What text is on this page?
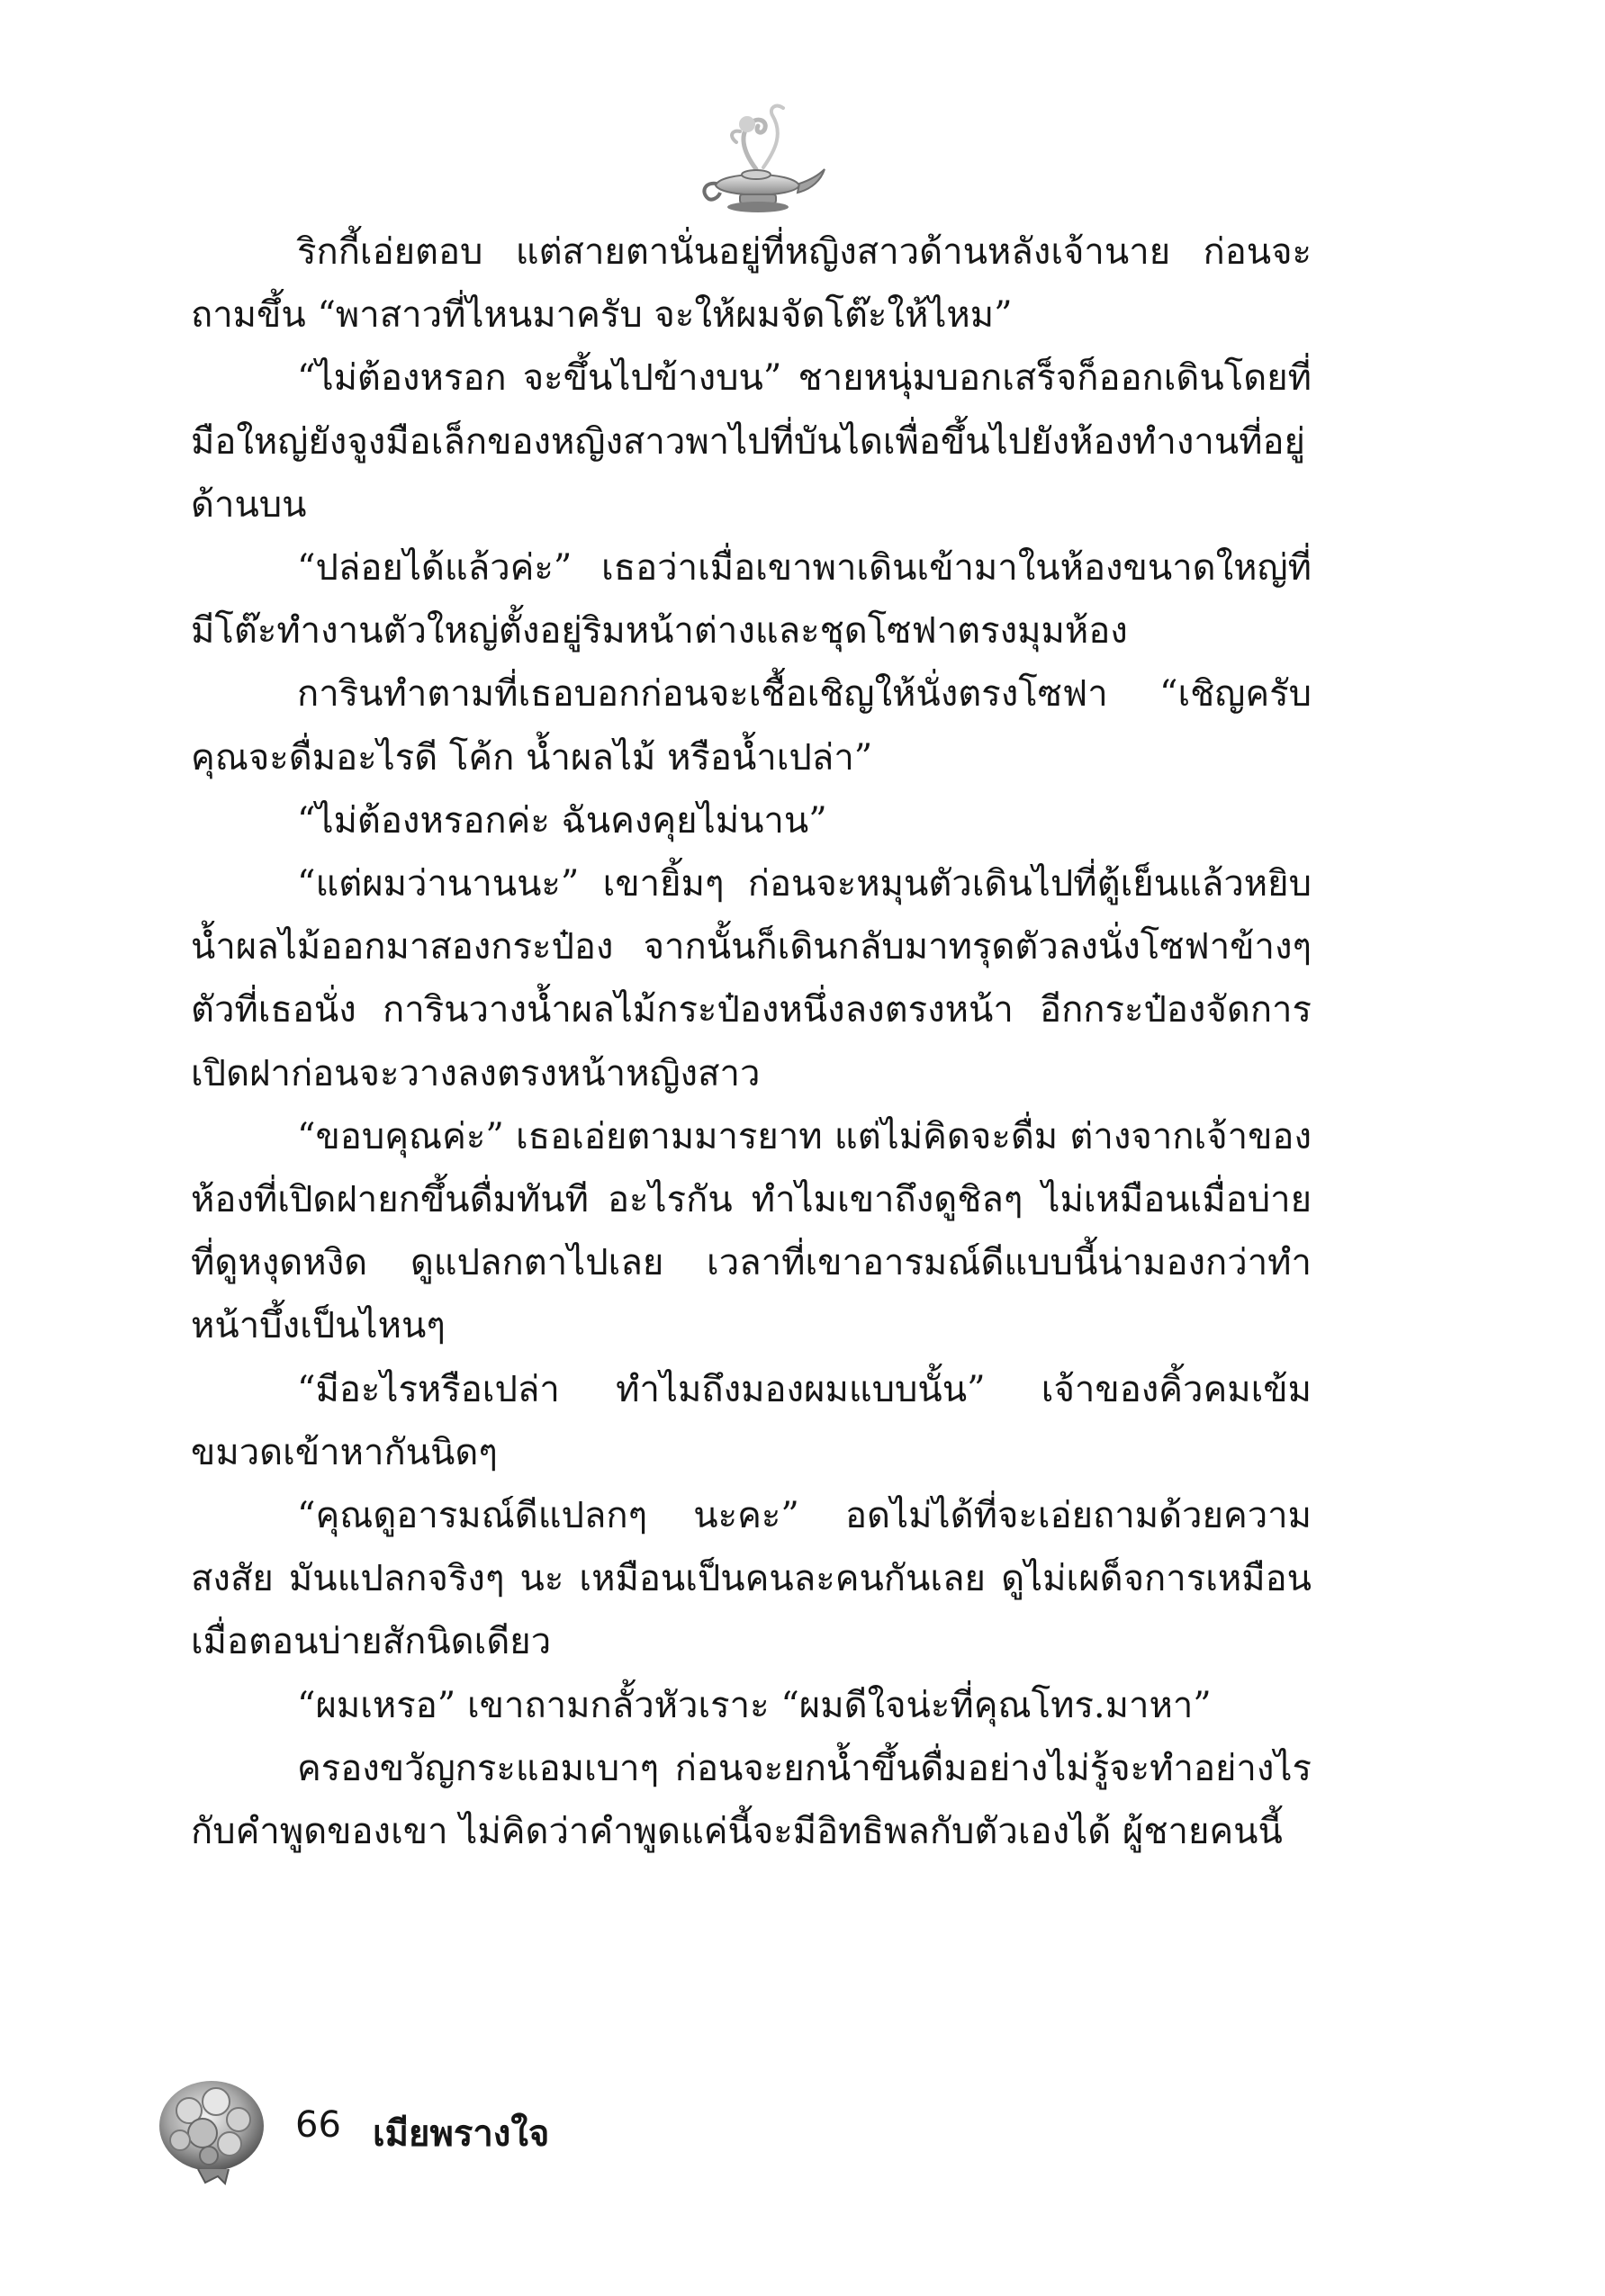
ริกกี้เอ่ยตอบ แต่สายตานั่นอยู่ที่หญิงสาวด้านหลังเจ้านาย ก่อนจะถามขึ้น “พาสาวที่ไหนมาครับ จะให้ผมจัดโต๊ะให้ไหม”

“ไม่ต้องหรอก จะขึ้นไปข้างบน” ชายหนุ่มบอกเสร็จก็ออกเดินโดยที่มือใหญ่ยังจูงมือเล็กของหญิงสาวพาไปที่บันไดเพื่อขึ้นไปยังห้องทำงานที่อยู่ด้านบน

“ปล่อยได้แล้วค่ะ” เธอว่าเมื่อเขาพาเดินเข้ามาในห้องขนาดใหญ่ที่มีโต๊ะทำงานตัวใหญ่ตั้งอยู่ริมหน้าต่างและชุดโซฟาตรงมุมห้อง

การินทำตามที่เธอบอกก่อนจะเชื้อเชิญให้นั่งตรงโซฟา “เชิญครับคุณจะดื่มอะไรดี โค้ก น้ำผลไม้ หรือน้ำเปล่า”

“ไม่ต้องหรอกค่ะ ฉันคงคุยไม่นาน”

“แต่ผมว่านานนะ” เขายิ้มๆ ก่อนจะหมุนตัวเดินไปที่ตู้เย็นแล้วหยิบน้ำผลไม้ออกมาสองกระป๋อง จากนั้นก็เดินกลับมาทรุดตัวลงนั่งโซฟาข้างๆ ตัวที่เธอนั่ง การินวางน้ำผลไม้กระป๋องหนึ่งลงตรงหน้า อีกกระป๋องจัดการเปิดฝาก่อนจะวางลงตรงหน้าหญิงสาว

“ขอบคุณค่ะ” เธอเอ่ยตามมารยาท แต่ไม่คิดจะดื่ม ต่างจากเจ้าของห้องที่เปิดฝายกขึ้นดื่มทันที อะไรกัน ทำไมเขาถึงดูชิลๆ ไม่เหมือนเมื่อบ่ายที่ดูหงุดหงิด ดูแปลกตาไปเลย เวลาที่เขาอารมณ์ดีแบบนี้น่ามองกว่าทำหน้าบึ้งเป็นไหนๆ

“มีอะไรหรือเปล่า ทำไมถึงมองผมแบบนั้น” เจ้าของคิ้วคมเข้มขมวดเข้าหากันนิดๆ

“คุณดูอารมณ์ดีแปลกๆ นะคะ” อดไม่ได้ที่จะเอ่ยถามด้วยความสงสัย มันแปลกจริงๆ นะ เหมือนเป็นคนละคนกันเลย ดูไม่เผด็จการเหมือนเมื่อตอนบ่ายสักนิดเดียว

“ผมเหรอ” เขาถามกลั้วหัวเราะ “ผมดีใจน่ะที่คุณโทร.มาหา”

ครองขวัญกระแอมเบาๆ ก่อนจะยกน้ำขึ้นดื่มอย่างไม่รู้จะทำอย่างไรกับคำพูดของเขา ไม่คิดว่าคำพูดแค่นี้จะมีอิทธิพลกับตัวเองได้ ผู้ชายคนนี้

66 เมียพรางใจ
